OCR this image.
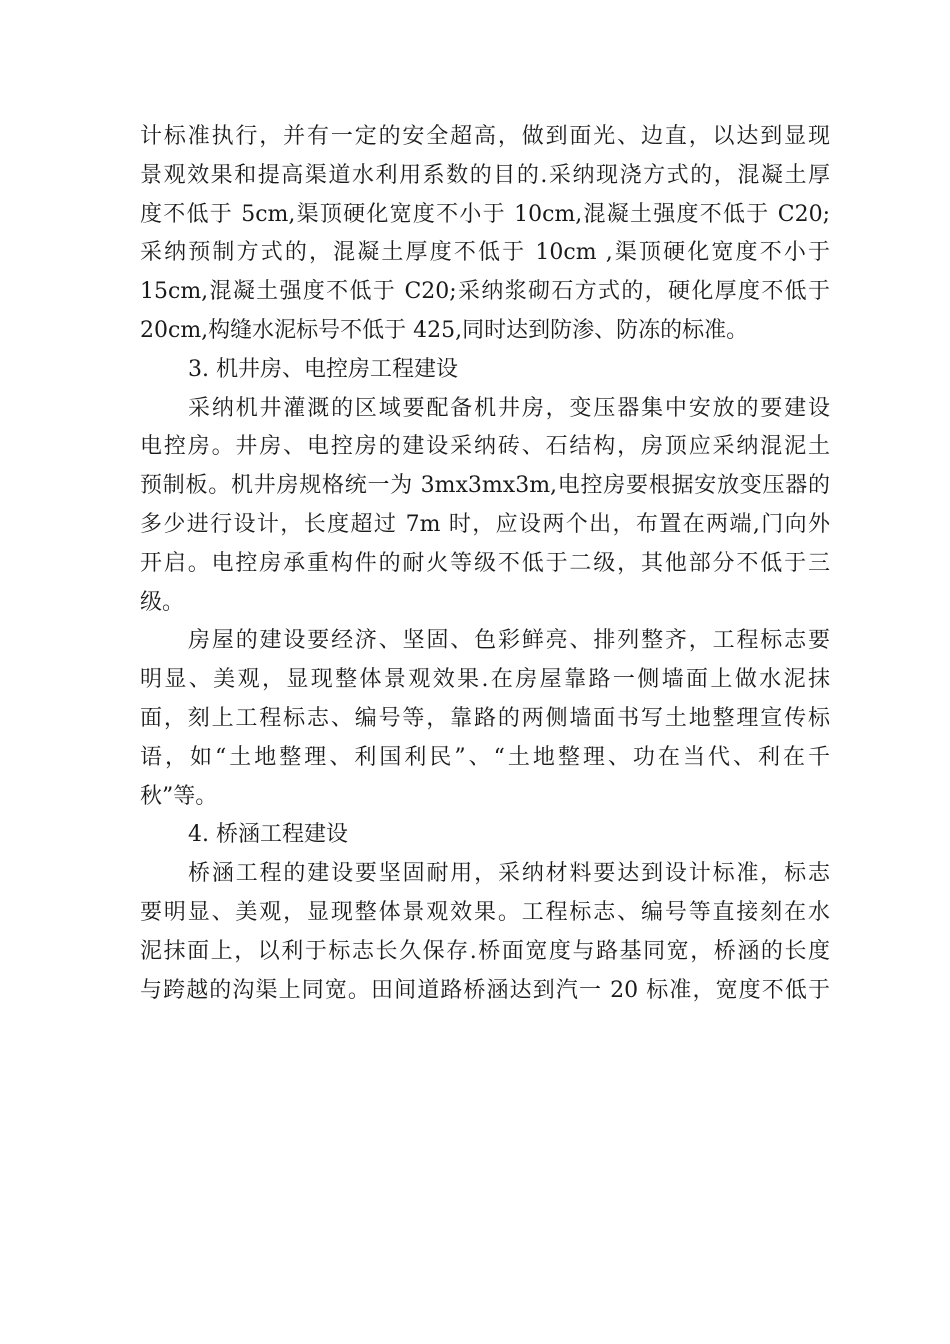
计标准执行，并有一定的安全超高，做到面光、边直，以达到显现
景观效果和提高渠道水利用系数的目的.采纳现浇方式的，混凝土厚
度不低于 5cm,渠顶硬化宽度不小于 10cm,混凝土强度不低于 C20;
采纳预制方式的，混凝土厚度不低于 10cm ,渠顶硬化宽度不小于
15cm,混凝土强度不低于 C20;采纳浆砌石方式的，硬化厚度不低于
20cm,构缝水泥标号不低于 425,同时达到防渗、防冻的标准。
3. 机井房、电控房工程建设
采纳机井灌溉的区域要配备机井房，变压器集中安放的要建设
电控房。井房、电控房的建设采纳砖、石结构，房顶应采纳混泥土
预制板。机井房规格统一为 3mx3mx3m,电控房要根据安放变压器的
多少进行设计，长度超过 7m 时，应设两个出，布置在两端,门向外
开启。电控房承重构件的耐火等级不低于二级，其他部分不低于三
级。
房屋的建设要经济、坚固、色彩鲜亮、排列整齐，工程标志要
明显、美观，显现整体景观效果.在房屋靠路一侧墙面上做水泥抹
面，刻上工程标志、编号等，靠路的两侧墙面书写土地整理宣传标
语，如“土地整理、利国利民”、“土地整理、功在当代、利在千
秋”等。
4. 桥涵工程建设
桥涵工程的建设要坚固耐用，采纳材料要达到设计标准，标志
要明显、美观，显现整体景观效果。工程标志、编号等直接刻在水
泥抹面上，以利于标志长久保存.桥面宽度与路基同宽，桥涵的长度
与跨越的沟渠上同宽。田间道路桥涵达到汽一 20 标准，宽度不低于
